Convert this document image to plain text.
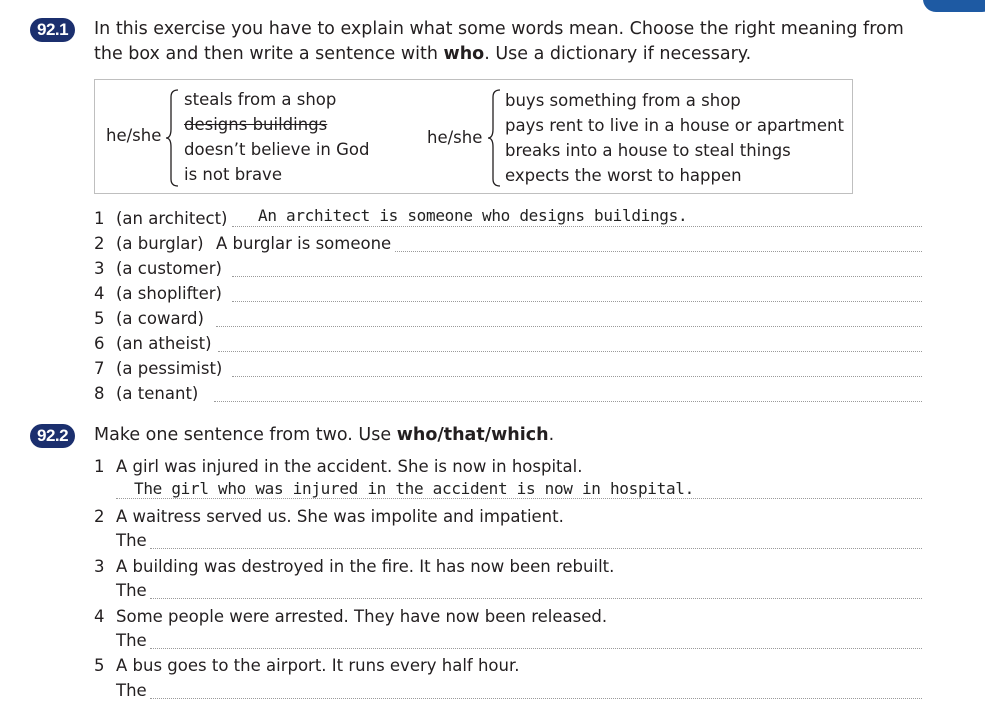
92.1	In this exercise you have to explain what some words mean. Choose the right meaning from
the box and then write a sentence with who. Use a dictionary if necessary.
he/she
steals from a shop
designs buildings
doesn’t believe in God
is not brave
he/she
buys something from a shop
pays rent to live in a house or apartment
breaks into a house to steal things
expects the worst to happen
1 (an architect) An architect is someone who designs buildings.
2 (a burglar) A burglar is someone
3 (a customer)
4 (a shoplifter)
5 (a coward)
6 (an atheist)
7 (a pessimist)
8 (a tenant)
92.2	Make one sentence from two. Use who/that/which.
1 A girl was injured in the accident. She is now in hospital.
The girl who was injured in the accident is now in hospital.
2 A waitress served us. She was impolite and impatient.
The
3 A building was destroyed in the fire. It has now been rebuilt.
The
4 Some people were arrested. They have now been released.
The
5 A bus goes to the airport. It runs every half hour.
The
